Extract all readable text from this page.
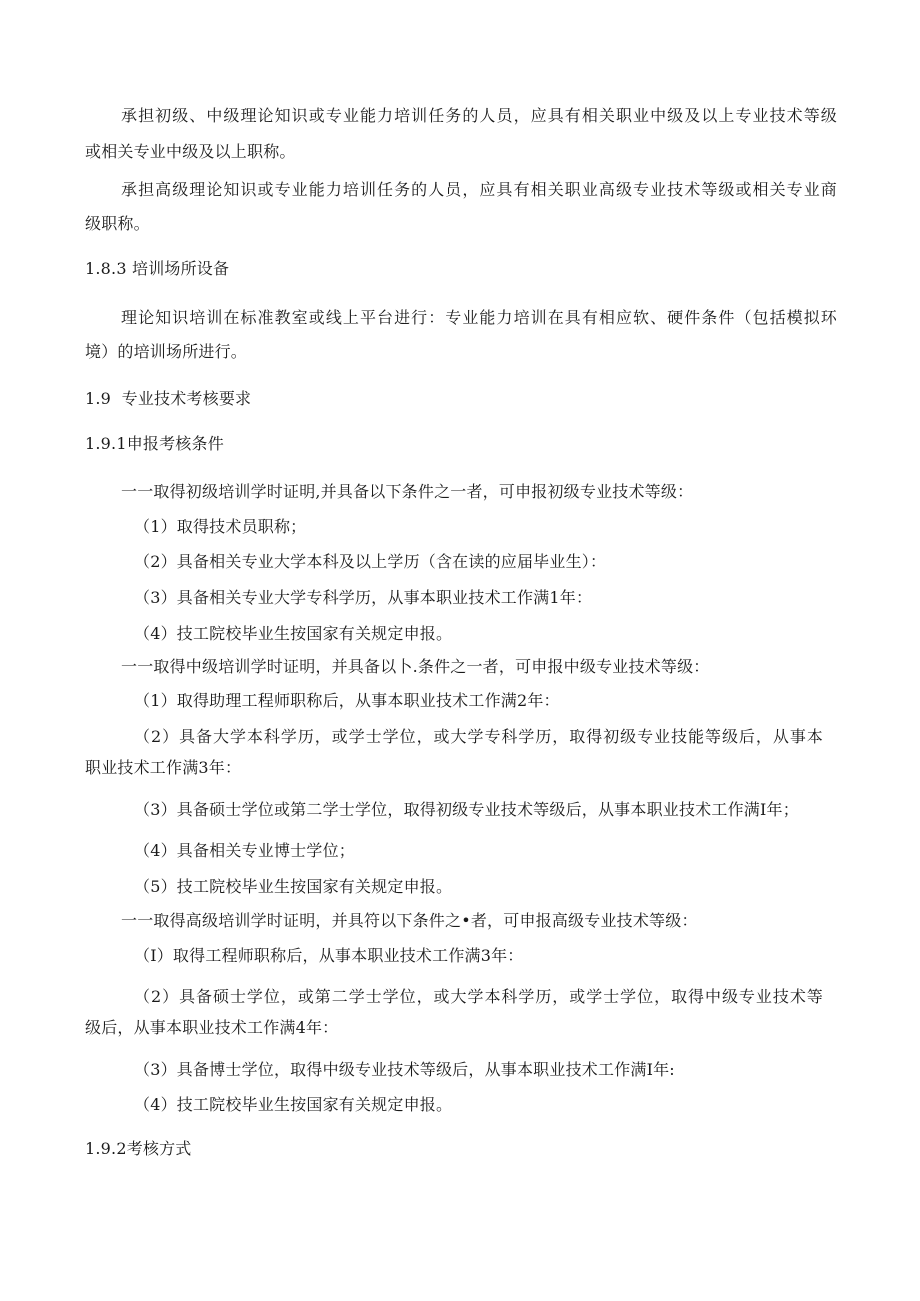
承担初级、中级理论知识或专业能力培训任务的人员，应具有相关职业中级及以上专业技术等级
或相关专业中级及以上职称。
承担高级理论知识或专业能力培训任务的人员，应具有相关职业高级专业技术等级或相关专业商
级职称。
1.8.3 培训场所设备
理论知识培训在标准教室或线上平台进行：专业能力培训在具有相应软、硬件条件（包括模拟环
境）的培训场所进行。
1.9  专业技术考核要求
1.9.1申报考核条件
一一取得初级培训学时证明,并具备以下条件之一者，可申报初级专业技术等级：
（1）取得技术员职称；
（2）具备相关专业大学本科及以上学历（含在读的应届毕业生）：
（3）具备相关专业大学专科学历，从事本职业技术工作满1年：
（4）技工院校毕业生按国家有关规定申报。
一一取得中级培训学时证明，并具备以卜.条件之一者，可申报中级专业技术等级：
（1）取得助理工程师职称后，从事本职业技术工作满2年：
（2）具备大学本科学历，或学士学位，或大学专科学历，取得初级专业技能等级后，从事本
职业技术工作满3年：
（3）具备硕士学位或第二学士学位，取得初级专业技术等级后，从事本职业技术工作满I年；
（4）具备相关专业博士学位；
（5）技工院校毕业生按国家有关规定申报。
一一取得高级培训学时证明，并具符以下条件之•者，可申报高级专业技术等级：
（I）取得工程师职称后，从事本职业技术工作满3年：
（2）具备硕士学位，或第二学士学位，或大学本科学历，或学士学位，取得中级专业技术等
级后，从事本职业技术工作满4年：
（3）具备博士学位，取得中级专业技术等级后，从事本职业技术工作满I年:
（4）技工院校毕业生按国家有关规定申报。
1.9.2考核方式
